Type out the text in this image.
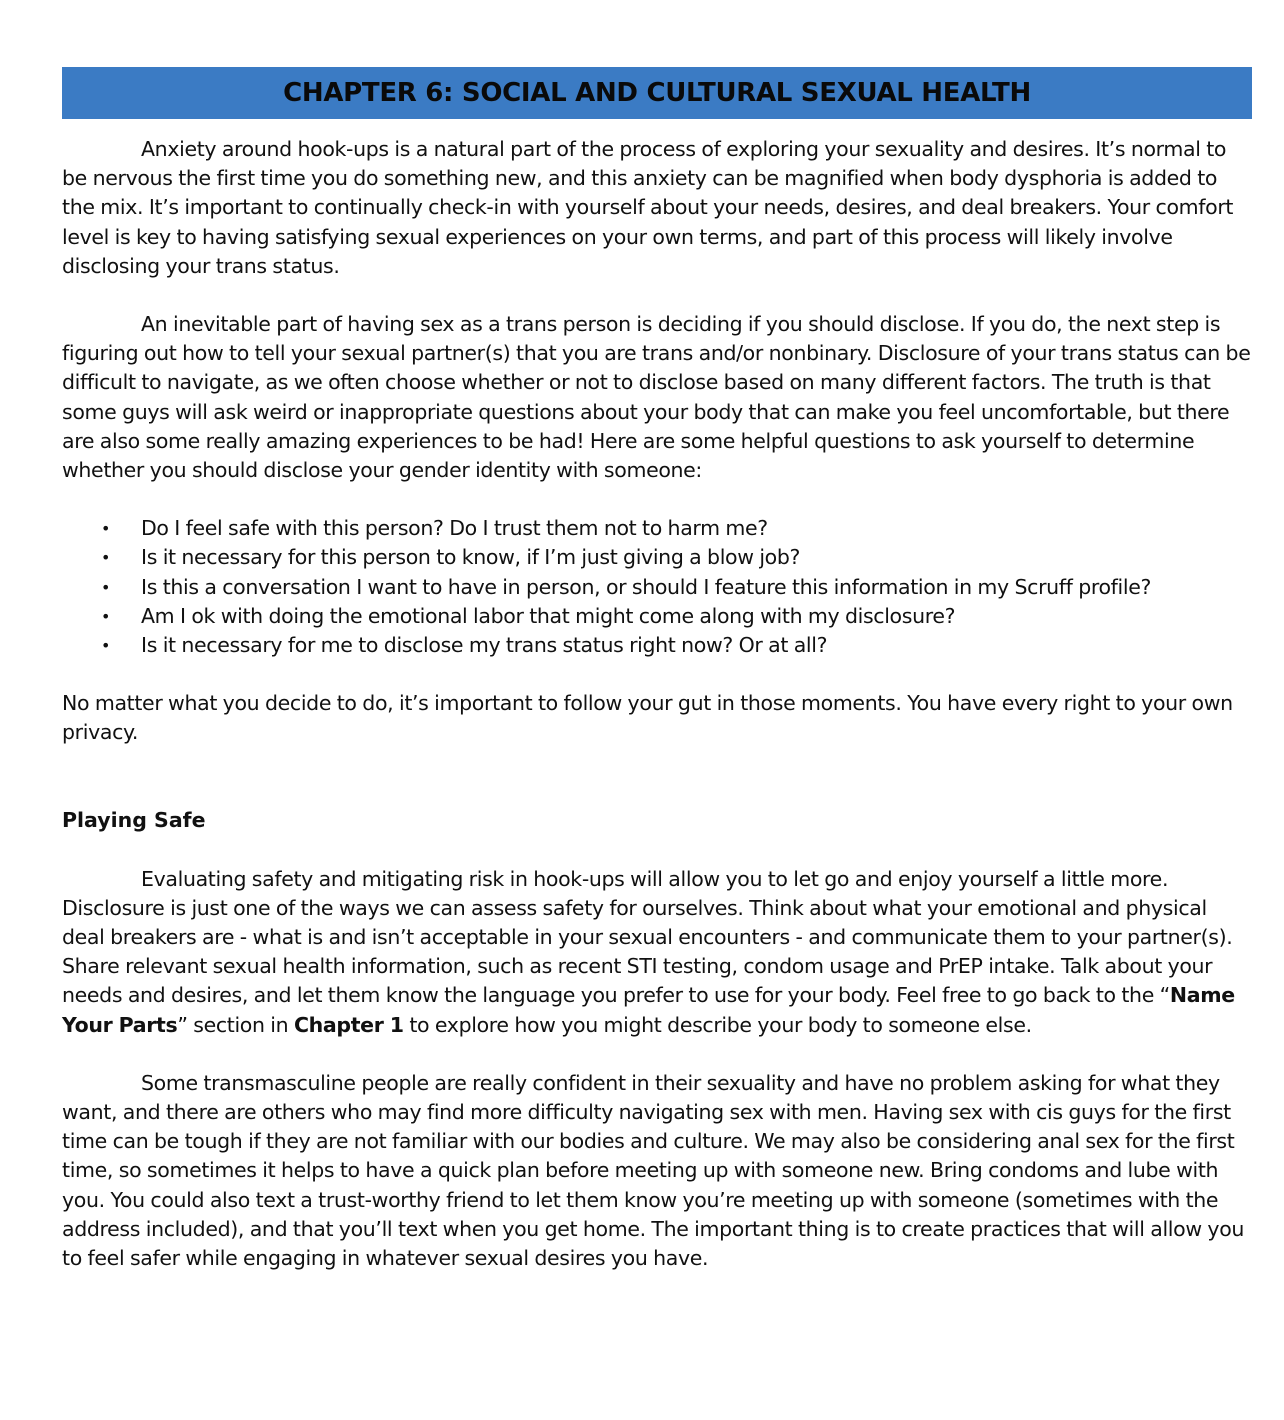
CHAPTER 6: SOCIAL AND CULTURAL SEXUAL HEALTH

Anxiety around hook-ups is a natural part of the process of exploring your sexuality and desires. It’s normal to be nervous the first time you do something new, and this anxiety can be magnified when body dysphoria is added to the mix. It’s important to continually check-in with yourself about your needs, desires, and deal breakers. Your comfort level is key to having satisfying sexual experiences on your own terms, and part of this process will likely involve disclosing your trans status.

An inevitable part of having sex as a trans person is deciding if you should disclose. If you do, the next step is figuring out how to tell your sexual partner(s) that you are trans and/or nonbinary. Disclosure of your trans status can be difficult to navigate, as we often choose whether or not to disclose based on many different factors. The truth is that some guys will ask weird or inappropriate questions about your body that can make you feel uncomfortable, but there are also some really amazing experiences to be had! Here are some helpful questions to ask yourself to determine whether you should disclose your gender identity with someone:

• Do I feel safe with this person? Do I trust them not to harm me?
• Is it necessary for this person to know, if I’m just giving a blow job?
• Is this a conversation I want to have in person, or should I feature this information in my Scruff profile?
• Am I ok with doing the emotional labor that might come along with my disclosure?
• Is it necessary for me to disclose my trans status right now? Or at all?

No matter what you decide to do, it’s important to follow your gut in those moments. You have every right to your own privacy.

Playing Safe

Evaluating safety and mitigating risk in hook-ups will allow you to let go and enjoy yourself a little more. Disclosure is just one of the ways we can assess safety for ourselves. Think about what your emotional and physical deal breakers are - what is and isn’t acceptable in your sexual encounters - and communicate them to your partner(s). Share relevant sexual health information, such as recent STI testing, condom usage and PrEP intake. Talk about your needs and desires, and let them know the language you prefer to use for your body. Feel free to go back to the “Name Your Parts” section in Chapter 1 to explore how you might describe your body to someone else.

Some transmasculine people are really confident in their sexuality and have no problem asking for what they want, and there are others who may find more difficulty navigating sex with men. Having sex with cis guys for the first time can be tough if they are not familiar with our bodies and culture. We may also be considering anal sex for the first time, so sometimes it helps to have a quick plan before meeting up with someone new. Bring condoms and lube with you. You could also text a trust-worthy friend to let them know you’re meeting up with someone (sometimes with the address included), and that you’ll text when you get home. The important thing is to create practices that will allow you to feel safer while engaging in whatever sexual desires you have.
